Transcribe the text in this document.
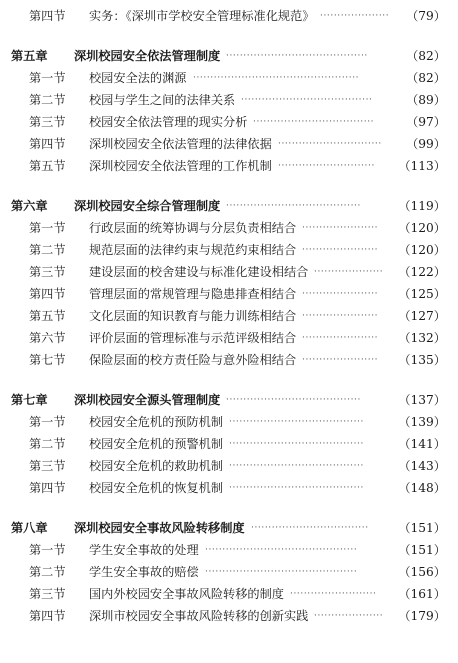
第四节 实务：《深圳市学校安全管理标准化规范》 ····················	（79）
第五章 深圳校园安全依法管理制度 ·········································	（82）
第一节 校园安全法的渊源 ················································	（82）
第二节 校园与学生之间的法律关系 ······································	（89）
第三节 校园安全依法管理的现实分析 ···································	（97）
第四节 深圳校园安全依法管理的法律依据 ······························	（99）
第五节 深圳校园安全依法管理的工作机制 ····························	（113）
第六章 深圳校园安全综合管理制度 ·······································	（119）
第一节 行政层面的统筹协调与分层负责相结合 ······················	（120）
第二节 规范层面的法律约束与规范约束相结合 ······················	（120）
第三节 建设层面的校舍建设与标准化建设相结合 ····················	（122）
第四节 管理层面的常规管理与隐患排查相结合 ······················	（125）
第五节 文化层面的知识教育与能力训练相结合 ······················	（127）
第六节 评价层面的管理标准与示范评级相结合 ······················	（132）
第七节 保险层面的校方责任险与意外险相结合 ······················	（135）
第七章 深圳校园安全源头管理制度 ·······································	（137）
第一节 校园安全危机的预防机制 ·······································	（139）
第二节 校园安全危机的预警机制 ·······································	（141）
第三节 校园安全危机的救助机制 ·······································	（143）
第四节 校园安全危机的恢复机制 ·······································	（148）
第八章 深圳校园安全事故风险转移制度 ··································	（151）
第一节 学生安全事故的处理 ············································	（151）
第二节 学生安全事故的赔偿 ············································	（156）
第三节 国内外校园安全事故风险转移的制度 ·························	（161）
第四节 深圳市校园安全事故风险转移的创新实践 ····················	（179）
